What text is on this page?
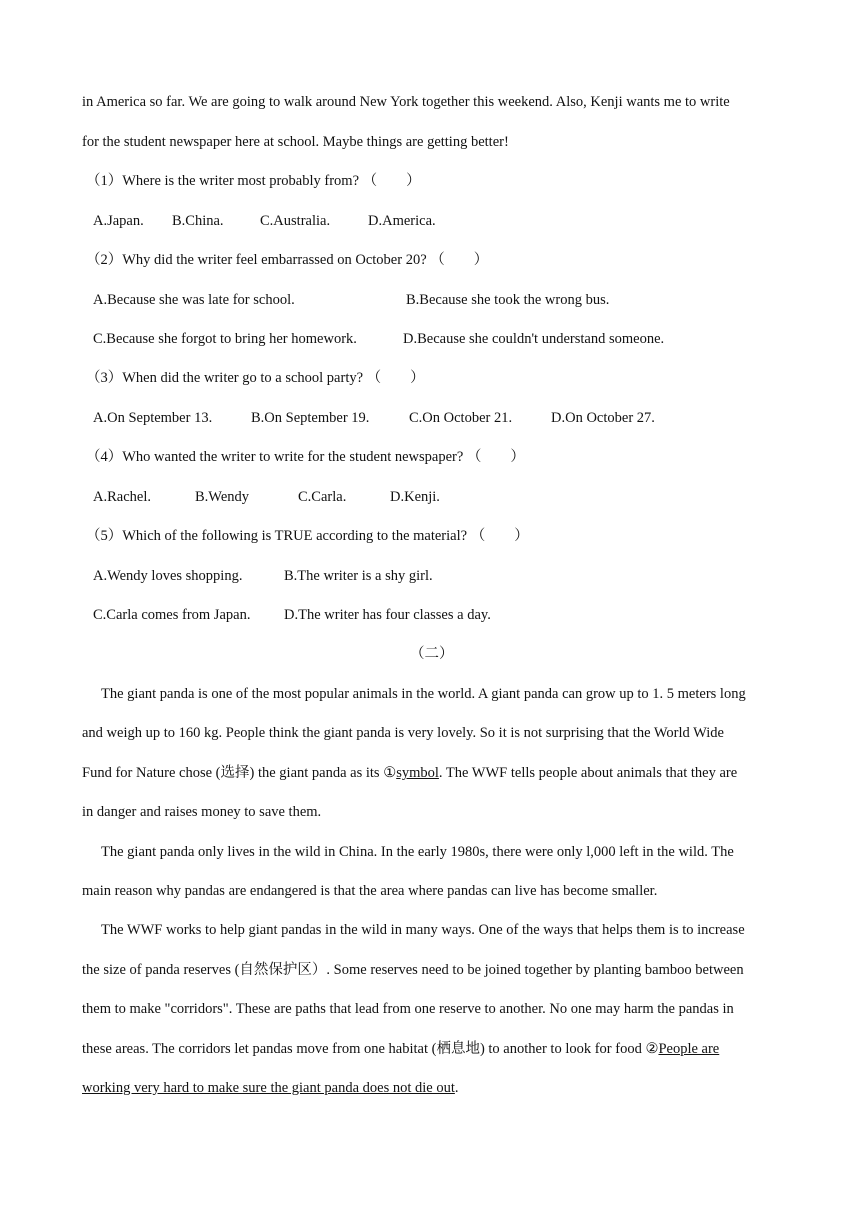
in America so far. We are going to walk around New York together this weekend. Also, Kenji wants me to write
for the student newspaper here at school. Maybe things are getting better!
（1）Where is the writer most probably from? （　　）
A.Japan. B.China.	C.Australia.	D.America.
（2）Why did the writer feel embarrassed on October 20? （　　）
A.Because she was late for school.	B.Because she took the wrong bus.
C.Because she forgot to bring her homework.	D.Because she couldn't understand someone.
（3）When did the writer go to a school party? （　　）
A.On September 13.	B.On September 19.	C.On October 21.	D.On October 27.
（4）Who wanted the writer to write for the student newspaper? （　　）
A.Rachel.	B.Wendy	C.Carla.	D.Kenji.
（5）Which of the following is TRUE according to the material? （　　）
A.Wendy loves shopping.	B.The writer is a shy girl.
C.Carla comes from Japan. D.The writer has four classes a day.
（二）
The giant panda is one of the most popular animals in the world. A giant panda can grow up to 1. 5 meters long
and weigh up to 160 kg. People think the giant panda is very lovely. So it is not surprising that the World Wide
Fund for Nature chose (选择) the giant panda as its ①symbol. The WWF tells people about animals that they are
in danger and raises money to save them.
The giant panda only lives in the wild in China. In the early 1980s, there were only l,000 left in the wild. The
main reason why pandas are endangered is that the area where pandas can live has become smaller.
The WWF works to help giant pandas in the wild in many ways. One of the ways that helps them is to increase
the size of panda reserves (自然保护区）. Some reserves need to be joined together by planting bamboo between
them to make "corridors". These are paths that lead from one reserve to another. No one may harm the pandas in
these areas. The corridors let pandas move from one habitat (栖息地) to another to look for food ②People are
working very hard to make sure the giant panda does not die out.
